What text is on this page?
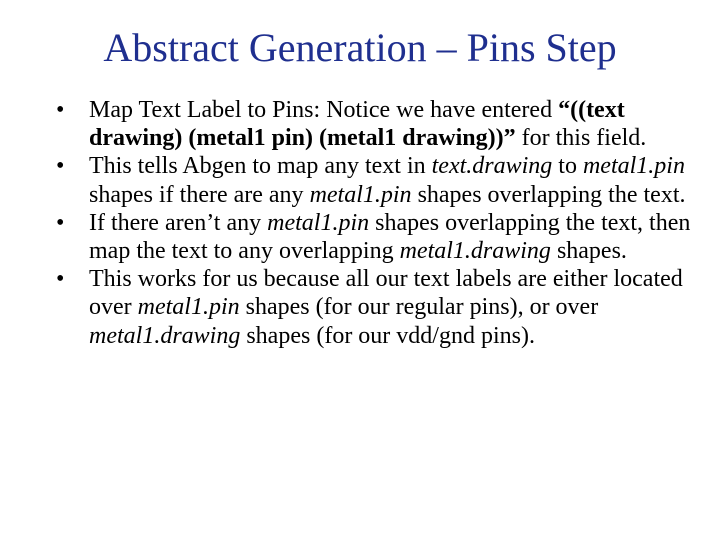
Abstract Generation – Pins Step
• Map Text Label to Pins: Notice we have entered “((text drawing) (metal1 pin) (metal1 drawing))” for this field.
• This tells Abgen to map any text in text.drawing to metal1.pin shapes if there are any metal1.pin shapes overlapping the text.
• If there aren’t any metal1.pin shapes overlapping the text, then map the text to any overlapping metal1.drawing shapes.
• This works for us because all our text labels are either located over metal1.pin shapes (for our regular pins), or over metal1.drawing shapes (for our vdd/gnd pins).
